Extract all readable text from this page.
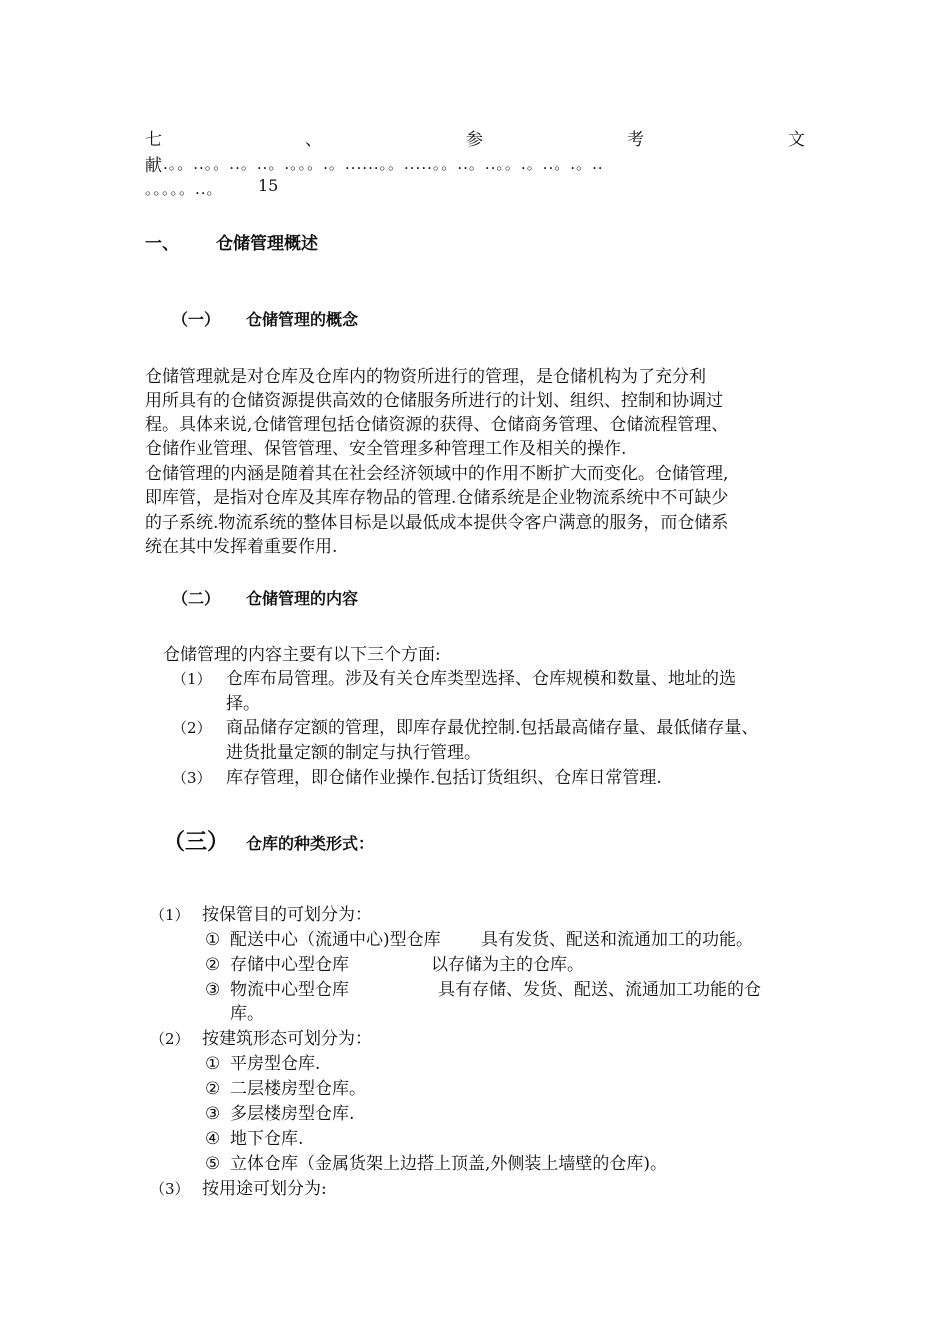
七	、	参	考	文
献 .。。..。。..。..。.。。。.。......。。.....。。..。..。。.。..。.。..
。。。。。..。 15
一、 仓储管理概述
（一） 仓储管理的概念
仓储管理就是对仓库及仓库内的物资所进行的管理，是仓储机构为了充分利
用所具有的仓储资源提供高效的仓储服务所进行的计划、组织、控制和协调过
程。具体来说,仓储管理包括仓储资源的获得、仓储商务管理、仓储流程管理、
仓储作业管理、保管管理、安全管理多种管理工作及相关的操作.
仓储管理的内涵是随着其在社会经济领域中的作用不断扩大而变化。仓储管理,
即库管，是指对仓库及其库存物品的管理.仓储系统是企业物流系统中不可缺少
的子系统.物流系统的整体目标是以最低成本提供令客户满意的服务，而仓储系
统在其中发挥着重要作用.
（二） 仓储管理的内容
仓储管理的内容主要有以下三个方面:
（1） 仓库布局管理。涉及有关仓库类型选择、仓库规模和数量、地址的选
择。
（2） 商品储存定额的管理，即库存最优控制.包括最高储存量、最低储存量、
进货批量定额的制定与执行管理。
（3） 库存管理，即仓储作业操作.包括订货组织、仓库日常管理.
（三） 仓库的种类形式：
（1） 按保管目的可划分为：
① 配送中心（流通中心)型仓库 具有发货、配送和流通加工的功能。
② 存储中心型仓库	以存储为主的仓库。
③ 物流中心型仓库	具有存储、发货、配送、流通加工功能的仓
库。
（2） 按建筑形态可划分为：
① 平房型仓库.
② 二层楼房型仓库。
③ 多层楼房型仓库.
④ 地下仓库.
⑤ 立体仓库（金属货架上边搭上顶盖,外侧装上墙壁的仓库)。
（3） 按用途可划分为:
